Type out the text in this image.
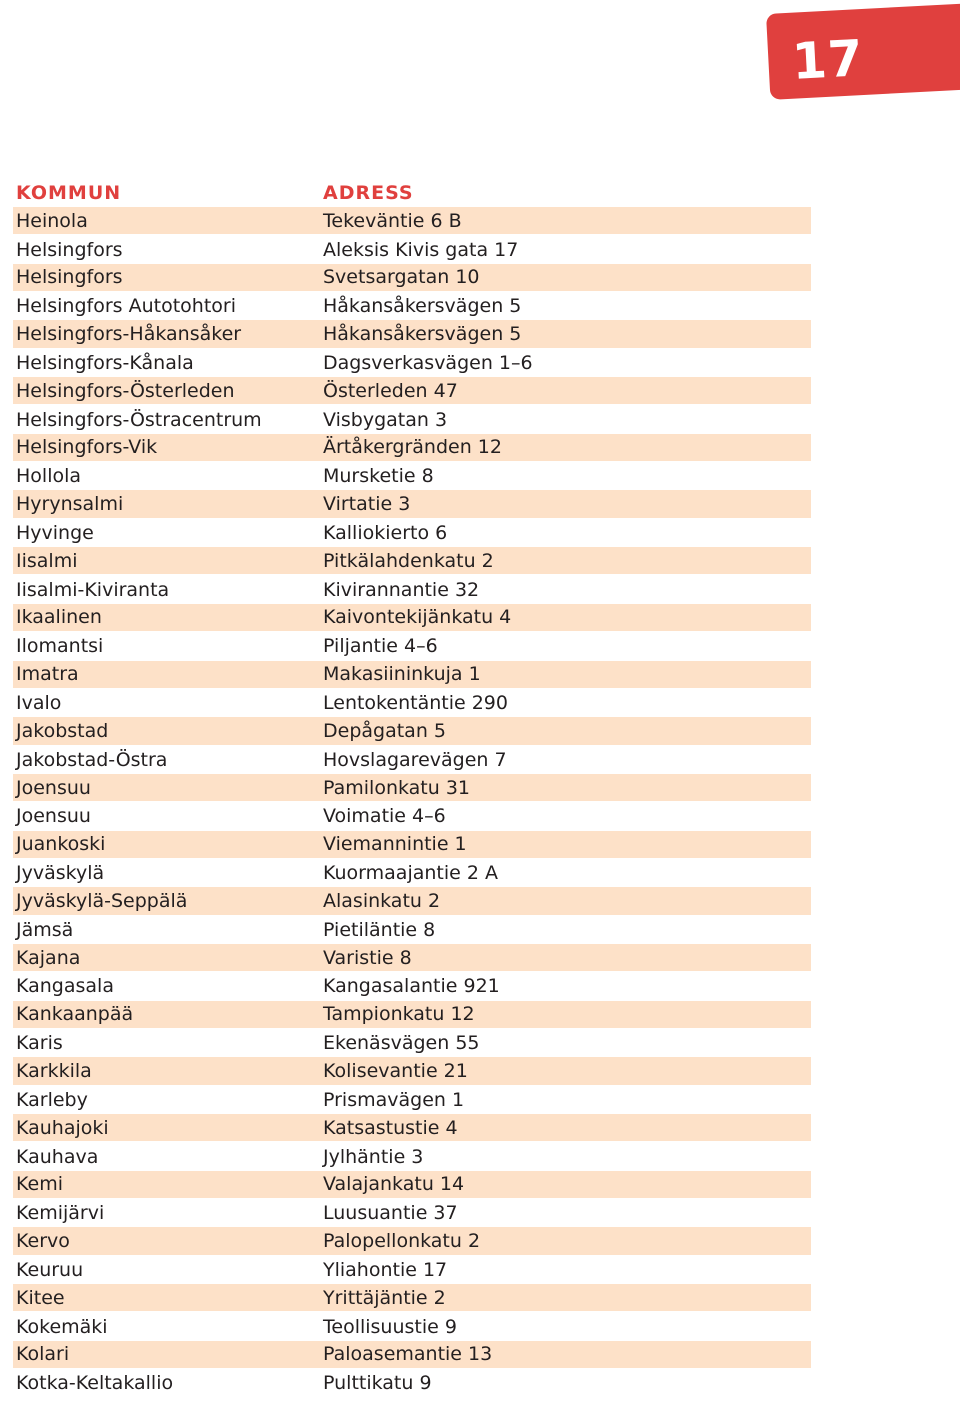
17
KOMMUN	ADRESS
Heinola	Tekeväntie 6 B
Helsingfors	Aleksis Kivis gata 17
Helsingfors	Svetsargatan 10
Helsingfors Autotohtori	Håkansåkersvägen 5
Helsingfors-Håkansåker	Håkansåkersvägen 5
Helsingfors-Kånala	Dagsverkasvägen 1–6
Helsingfors-Österleden	Österleden 47
Helsingfors-Östracentrum	Visbygatan 3
Helsingfors-Vik	Ärtåkergränden 12
Hollola	Mursketie 8
Hyrynsalmi	Virtatie 3
Hyvinge	Kalliokierto 6
Iisalmi	Pitkälahdenkatu 2
Iisalmi-Kiviranta	Kivirannantie 32
Ikaalinen	Kaivontekijänkatu 4
Ilomantsi	Piljantie 4–6
Imatra	Makasiininkuja 1
Ivalo	Lentokentäntie 290
Jakobstad	Depågatan 5
Jakobstad-Östra	Hovslagarevägen 7
Joensuu	Pamilonkatu 31
Joensuu	Voimatie 4–6
Juankoski	Viemannintie 1
Jyväskylä	Kuormaajantie 2 A
Jyväskylä-Seppälä	Alasinkatu 2
Jämsä	Pietiläntie 8
Kajana	Varistie 8
Kangasala	Kangasalantie 921
Kankaanpää	Tampionkatu 12
Karis	Ekenäsvägen 55
Karkkila	Kolisevantie 21
Karleby	Prismavägen 1
Kauhajoki	Katsastustie 4
Kauhava	Jylhäntie 3
Kemi	Valajankatu 14
Kemijärvi	Luusuantie 37
Kervo	Palopellonkatu 2
Keuruu	Yliahontie 17
Kitee	Yrittäjäntie 2
Kokemäki	Teollisuustie 9
Kolari	Paloasemantie 13
Kotka-Keltakallio	Pulttikatu 9
